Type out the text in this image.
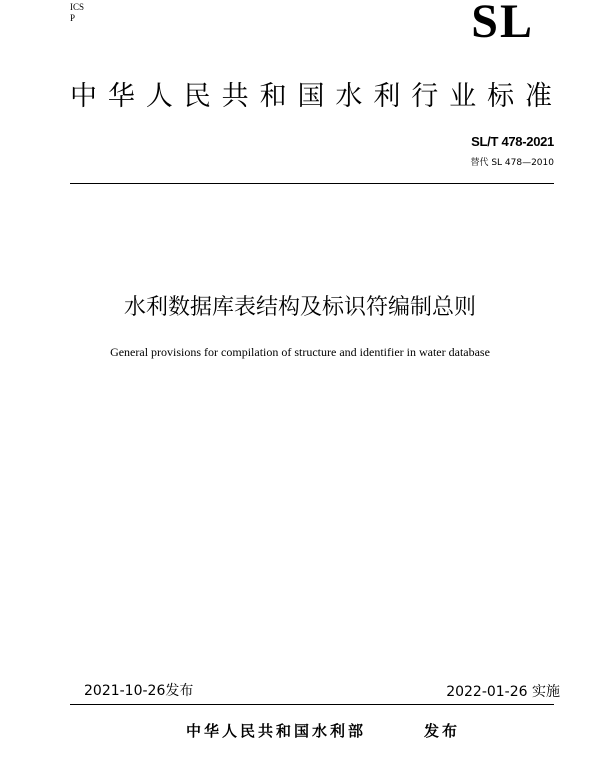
ICS
P	SL
中华人民共和国水利行业标准
SL/T 478-2021
替代 SL 478—2010
水利数据库表结构及标识符编制总则
General provisions for compilation of structure and identifier in water database
2021-10-26发布	2022-01-26 实施
中华人民共和国水利部	发布
